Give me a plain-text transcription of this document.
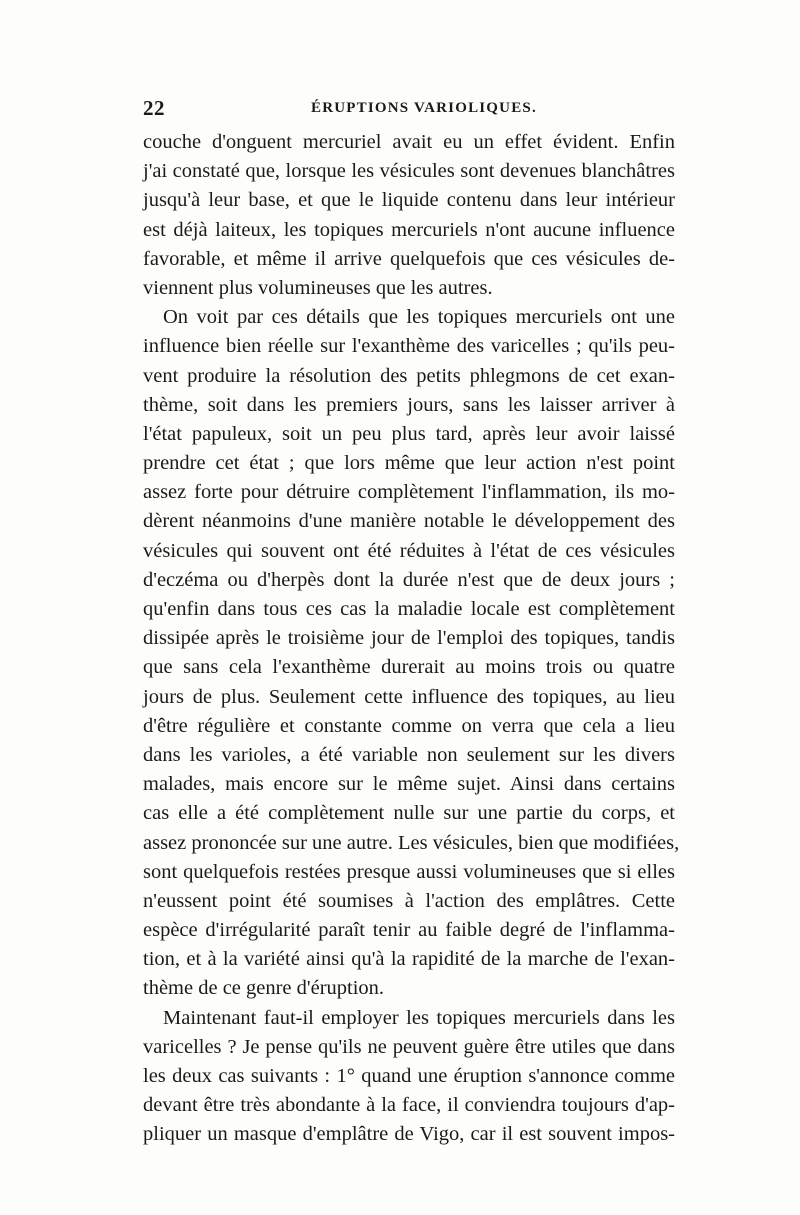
22	ÉRUPTIONS VARIOLIQUES.
couche d'onguent mercuriel avait eu un effet évident. Enfin
j'ai constaté que, lorsque les vésicules sont devenues blanchâtres
jusqu'à leur base, et que le liquide contenu dans leur intérieur
est déjà laiteux, les topiques mercuriels n'ont aucune influence
favorable, et même il arrive quelquefois que ces vésicules de-
viennent plus volumineuses que les autres.
On voit par ces détails que les topiques mercuriels ont une
influence bien réelle sur l'exanthème des varicelles ; qu'ils peu-
vent produire la résolution des petits phlegmons de cet exan-
thème, soit dans les premiers jours, sans les laisser arriver à
l'état papuleux, soit un peu plus tard, après leur avoir laissé
prendre cet état ; que lors même que leur action n'est point
assez forte pour détruire complètement l'inflammation, ils mo-
dèrent néanmoins d'une manière notable le développement des
vésicules qui souvent ont été réduites à l'état de ces vésicules
d'eczéma ou d'herpès dont la durée n'est que de deux jours ;
qu'enfin dans tous ces cas la maladie locale est complètement
dissipée après le troisième jour de l'emploi des topiques, tandis
que sans cela l'exanthème durerait au moins trois ou quatre
jours de plus. Seulement cette influence des topiques, au lieu
d'être régulière et constante comme on verra que cela a lieu
dans les varioles, a été variable non seulement sur les divers
malades, mais encore sur le même sujet. Ainsi dans certains
cas elle a été complètement nulle sur une partie du corps, et
assez prononcée sur une autre. Les vésicules, bien que modifiées,
sont quelquefois restées presque aussi volumineuses que si elles
n'eussent point été soumises à l'action des emplâtres. Cette
espèce d'irrégularité paraît tenir au faible degré de l'inflamma-
tion, et à la variété ainsi qu'à la rapidité de la marche de l'exan-
thème de ce genre d'éruption.
Maintenant faut-il employer les topiques mercuriels dans les
varicelles ? Je pense qu'ils ne peuvent guère être utiles que dans
les deux cas suivants : 1° quand une éruption s'annonce comme
devant être très abondante à la face, il conviendra toujours d'ap-
pliquer un masque d'emplâtre de Vigo, car il est souvent impos-
